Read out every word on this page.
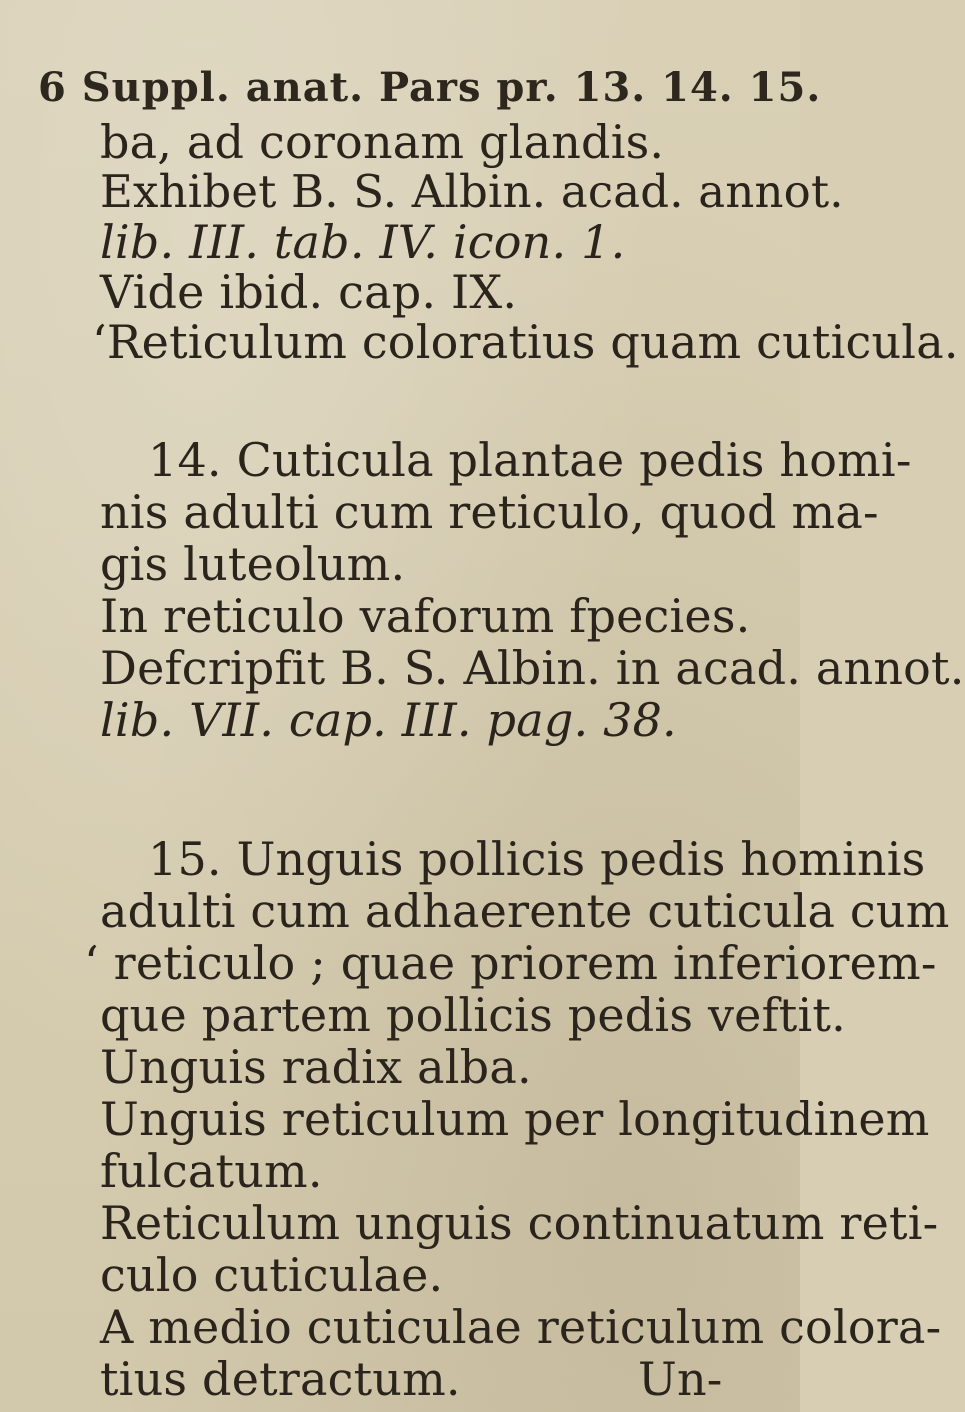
6 Suppl. anat. Pars pr. 13. 14. 15.
ba, ad coronam glandis.
Exhibet B. S. Albin. acad. annot.
lib. III. tab. IV. icon. 1.
Vide ibid. cap. IX.
‘Reticulum coloratius quam cuticula.
14. Cuticula plantae pedis homi-
nis adulti cum reticulo, quod ma-
gis luteolum.
In reticulo vaforum fpecies.
Defcripfit B. S. Albin. in acad. annot.
lib. VII. cap. III. pag. 38.
15. Unguis pollicis pedis hominis
adulti cum adhaerente cuticula cum
‘ reticulo ; quae priorem inferiorem-
que partem pollicis pedis veftit.
Unguis radix alba.
Unguis reticulum per longitudinem
fulcatum.
Reticulum unguis continuatum reti-
culo cuticulae.
A medio cuticulae reticulum colora-
tius detractum.	Un-
